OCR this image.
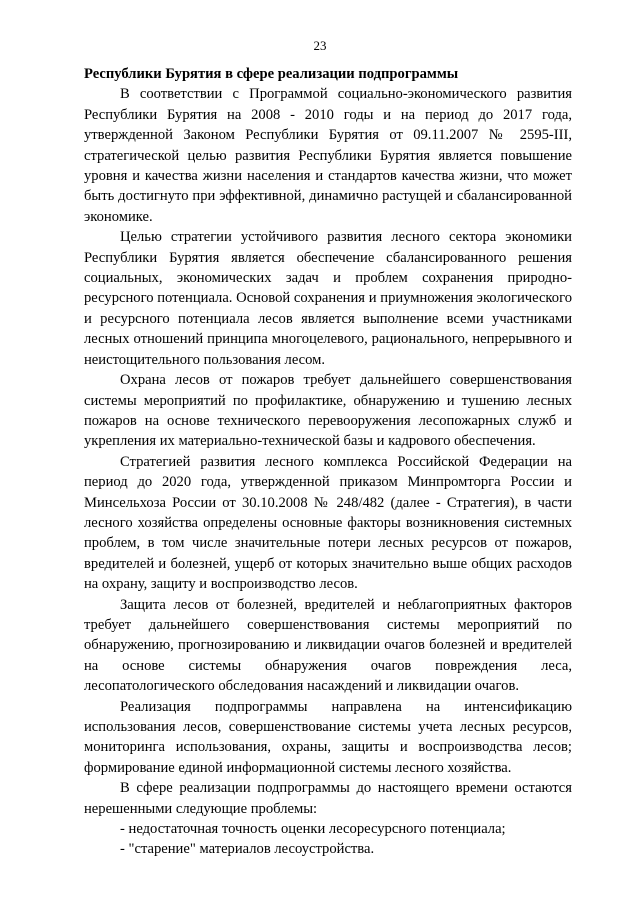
23

Республики Бурятия в сфере реализации подпрограммы

В соответствии с Программой социально-экономического развития Республики Бурятия на 2008 - 2010 годы и на период до 2017 года, утвержденной Законом Республики Бурятия от 09.11.2007 № 2595-III, стратегической целью развития Республики Бурятия является повышение уровня и качества жизни населения и стандартов качества жизни, что может быть достигнуто при эффективной, динамично растущей и сбалансированной экономике.

Целью стратегии устойчивого развития лесного сектора экономики Республики Бурятия является обеспечение сбалансированного решения социальных, экономических задач и проблем сохранения природно-ресурсного потенциала. Основой сохранения и приумножения экологического и ресурсного потенциала лесов является выполнение всеми участниками лесных отношений принципа многоцелевого, рационального, непрерывного и неистощительного пользования лесом.

Охрана лесов от пожаров требует дальнейшего совершенствования системы мероприятий по профилактике, обнаружению и тушению лесных пожаров на основе технического перевооружения лесопожарных служб и укрепления их материально-технической базы и кадрового обеспечения.

Стратегией развития лесного комплекса Российской Федерации на период до 2020 года, утвержденной приказом Минпромторга России и Минсельхоза России от 30.10.2008 № 248/482 (далее - Стратегия), в части лесного хозяйства определены основные факторы возникновения системных проблем, в том числе значительные потери лесных ресурсов от пожаров, вредителей и болезней, ущерб от которых значительно выше общих расходов на охрану, защиту и воспроизводство лесов.

Защита лесов от болезней, вредителей и неблагоприятных факторов требует дальнейшего совершенствования системы мероприятий по обнаружению, прогнозированию и ликвидации очагов болезней и вредителей на основе системы обнаружения очагов повреждения леса, лесопатологического обследования насаждений и ликвидации очагов.

Реализация подпрограммы направлена на интенсификацию использования лесов, совершенствование системы учета лесных ресурсов, мониторинга использования, охраны, защиты и воспроизводства лесов; формирование единой информационной системы лесного хозяйства.

В сфере реализации подпрограммы до настоящего времени остаются нерешенными следующие проблемы:

- недостаточная точность оценки лесоресурсного потенциала;

- "старение" материалов лесоустройства.
